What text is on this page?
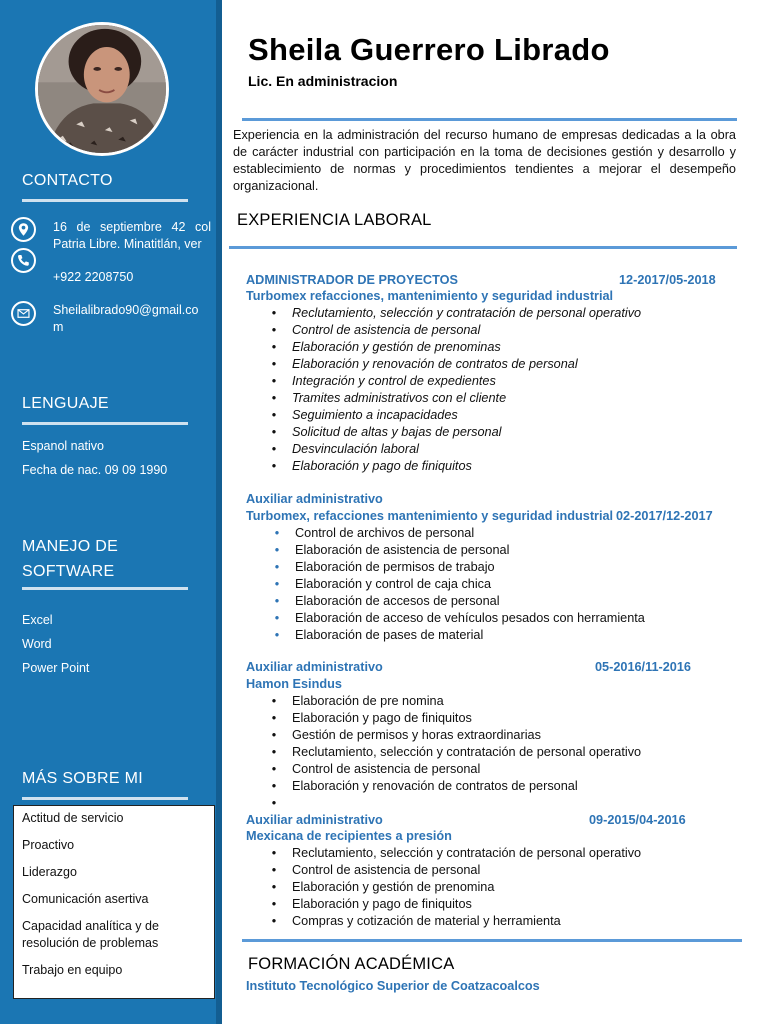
CONTACTO
16 de septiembre 42 col Patria Libre. Minatitlán, ver
+922 2208750
Sheilalibrado90@gmail.co m
LENGUAJE
Espanol nativo
Fecha de nac. 09 09 1990
MANEJO DE SOFTWARE
Excel
Word
Power Point
MÁS SOBRE MI
Actitud de servicio
Proactivo
Liderazgo
Comunicación asertiva
Capacidad analítica y de resolución de problemas
Trabajo en equipo
Sheila Guerrero Librado
Lic. En administracion
Experiencia en la administración del recurso humano de empresas dedicadas a la obra de carácter industrial con participación en la toma de decisiones gestión y desarrollo y establecimiento de normas y procedimientos tendientes a mejorar el desempeño organizacional.
EXPERIENCIA LABORAL
ADMINISTRADOR DE PROYECTOS	12-2017/05-2018
Turbomex refacciones, mantenimiento y seguridad industrial
• Reclutamiento, selección y contratación de personal operativo
• Control de asistencia de personal
• Elaboración y gestión de prenominas
• Elaboración y renovación de contratos de personal
• Integración y control de expedientes
• Tramites administrativos con el cliente
• Seguimiento a incapacidades
• Solicitud de altas y bajas de personal
• Desvinculación laboral
• Elaboración y pago de finiquitos
Auxiliar administrativo
Turbomex, refacciones mantenimiento y seguridad industrial 02-2017/12-2017
• Control de archivos de personal
• Elaboración de asistencia de personal
• Elaboración de permisos de trabajo
• Elaboración y control de caja chica
• Elaboración de accesos de personal
• Elaboración de acceso de vehículos pesados con herramienta
• Elaboración de pases de material
Auxiliar administrativo	05-2016/11-2016
Hamon Esindus
• Elaboración de pre nomina
• Elaboración y pago de finiquitos
• Gestión de permisos y horas extraordinarias
• Reclutamiento, selección y contratación de personal operativo
• Control de asistencia de personal
• Elaboración y renovación de contratos de personal
•
Auxiliar administrativo	09-2015/04-2016
Mexicana de recipientes a presión
• Reclutamiento, selección y contratación de personal operativo
• Control de asistencia de personal
• Elaboración y gestión de prenomina
• Elaboración y pago de finiquitos
• Compras y cotización de material y herramienta
FORMACIÓN ACADÉMICA
Instituto Tecnológico Superior de Coatzacoalcos
